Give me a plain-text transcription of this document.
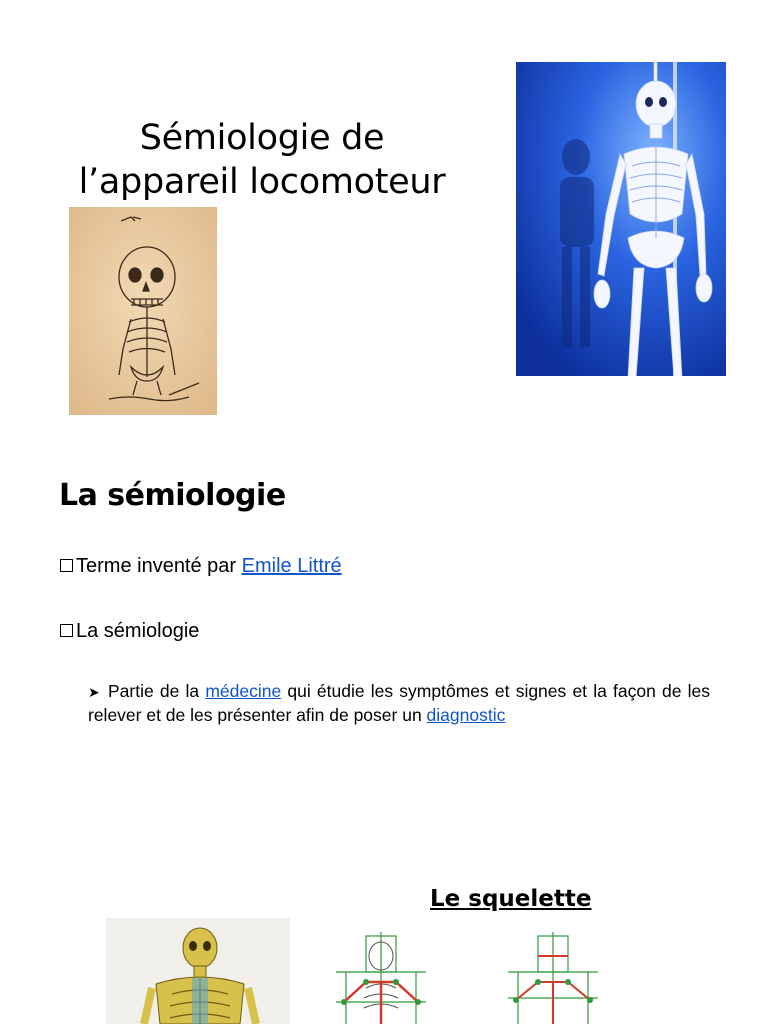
Sémiologie de
l’appareil locomoteur
La sémiologie
Terme inventé par Emile Littré
La sémiologie
➤ Partie de la médecine qui étudie les symptômes et signes et la façon de les relever et de les présenter afin de poser un diagnostic
Le squelette
